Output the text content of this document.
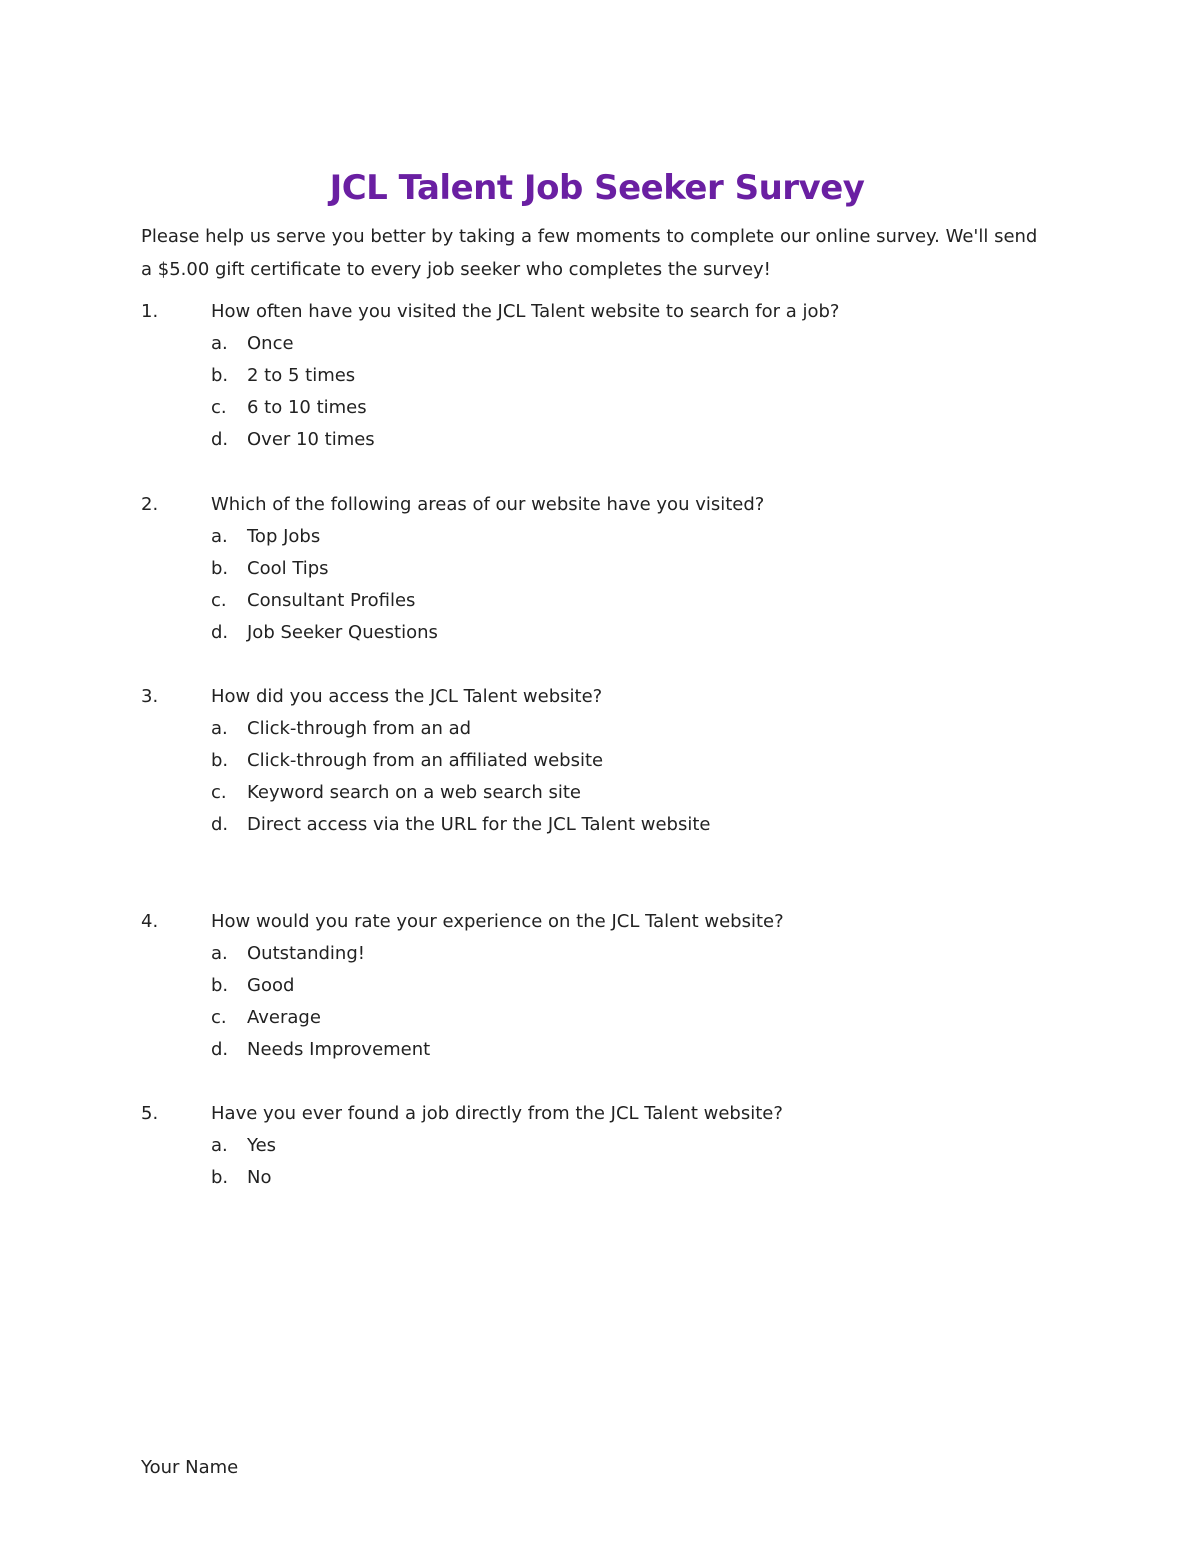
JCL Talent Job Seeker Survey

Please help us serve you better by taking a few moments to complete our online survey. We'll send a $5.00 gift certificate to every job seeker who completes the survey!

1.	How often have you visited the JCL Talent website to search for a job?
a. Once
b. 2 to 5 times
c. 6 to 10 times
d. Over 10 times
2.	Which of the following areas of our website have you visited?
a. Top Jobs
b. Cool Tips
c. Consultant Profiles
d. Job Seeker Questions
3.	How did you access the JCL Talent website?
a. Click-through from an ad
b. Click-through from an affiliated website
c. Keyword search on a web search site
d. Direct access via the URL for the JCL Talent website
4.	How would you rate your experience on the JCL Talent website?
a. Outstanding!
b. Good
c. Average
d. Needs Improvement
5.	Have you ever found a job directly from the JCL Talent website?
a. Yes
b. No
Your Name
